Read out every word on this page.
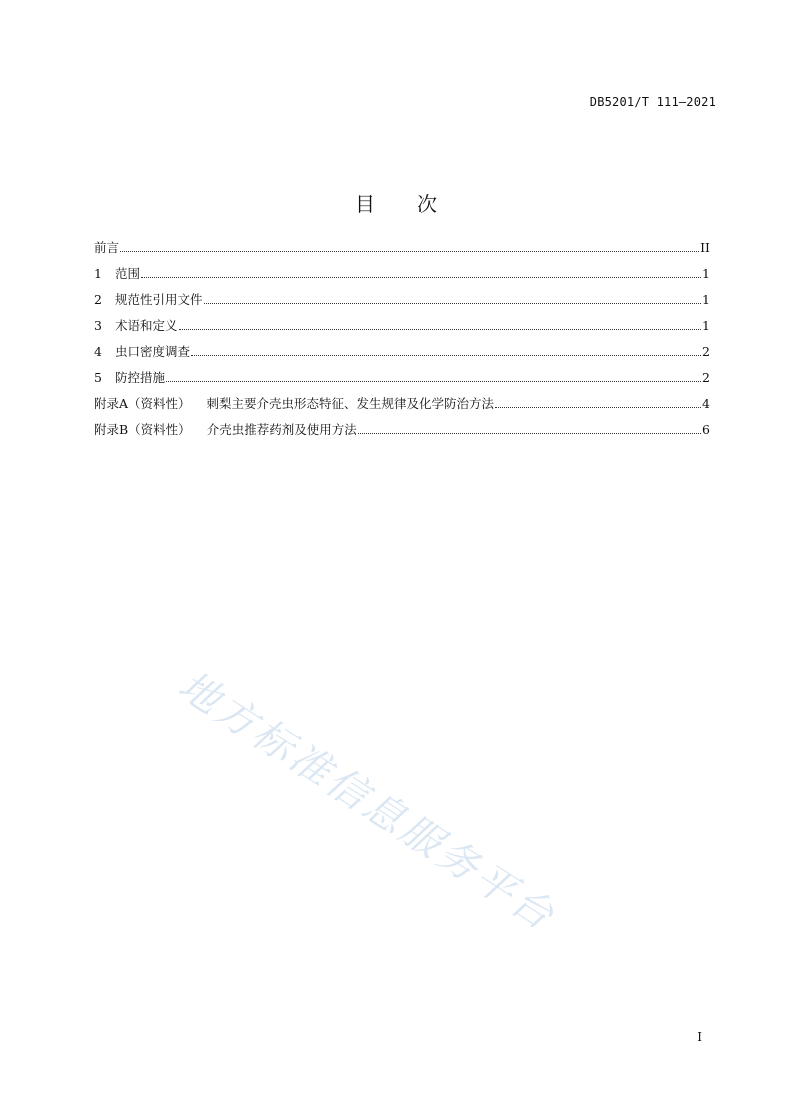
DB5201/T 111—2021
目 次
前言	II
1	范围	1
2	规范性引用文件	1
3	术语和定义	1
4	虫口密度调查	2
5	防控措施	2
附录A（资料性） 刺梨主要介壳虫形态特征、发生规律及化学防治方法	4
附录B（资料性） 介壳虫推荐药剂及使用方法	6
地方标准信息服务平台
I
